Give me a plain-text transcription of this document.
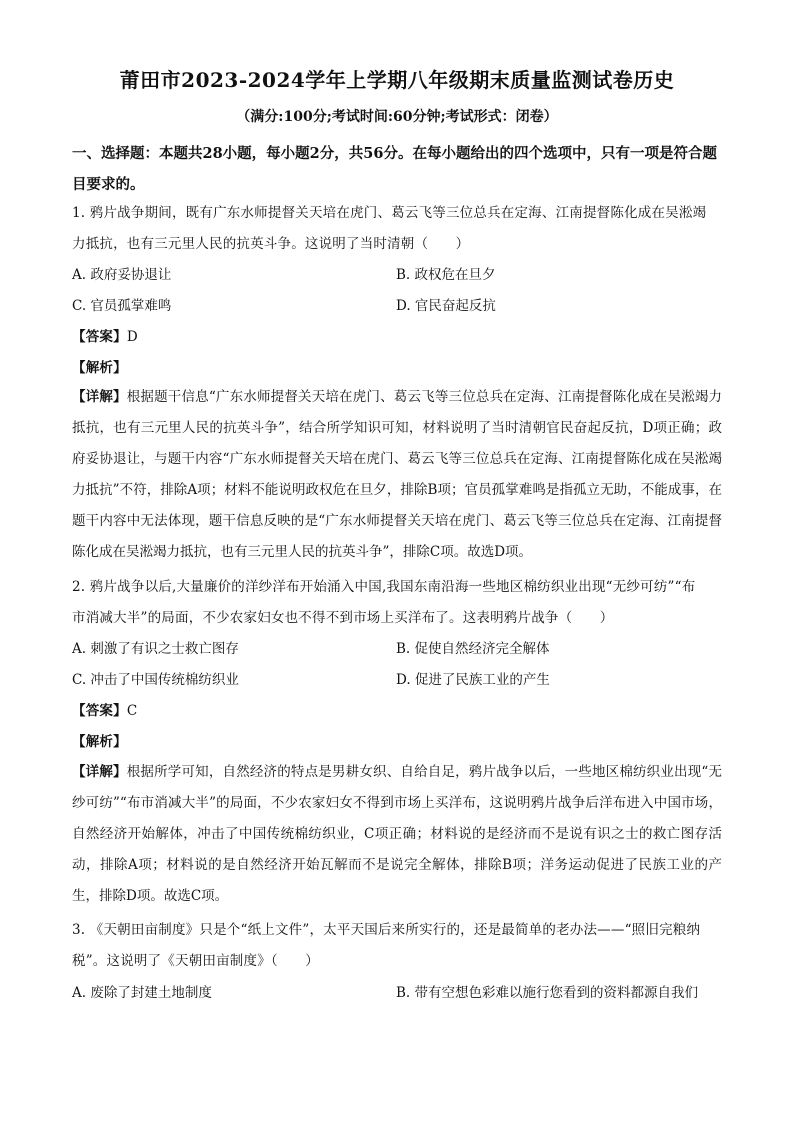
莆田市2023-2024学年上学期八年级期末质量监测试卷历史
（满分:100分;考试时间:60分钟;考试形式：闭卷）
一、选择题：本题共28小题，每小题2分，共56分。在每小题给出的四个选项中，只有一项是符合题目要求的。
1. 鸦片战争期间，既有广东水师提督关天培在虎门、葛云飞等三位总兵在定海、江南提督陈化成在吴淞竭
力抵抗，也有三元里人民的抗英斗争。这说明了当时清朝（　　）
A. 政府妥协退让	B. 政权危在旦夕
C. 官员孤掌难鸣	D. 官民奋起反抗
【答案】D
【解析】
【详解】根据题干信息“广东水师提督关天培在虎门、葛云飞等三位总兵在定海、江南提督陈化成在吴淞竭力抵抗，也有三元里人民的抗英斗争”，结合所学知识可知，材料说明了当时清朝官民奋起反抗，D项正确；政府妥协退让，与题干内容“广东水师提督关天培在虎门、葛云飞等三位总兵在定海、江南提督陈化成在吴淞竭力抵抗”不符，排除A项；材料不能说明政权危在旦夕，排除B项；官员孤掌难鸣是指孤立无助，不能成事，在题干内容中无法体现，题干信息反映的是“广东水师提督关天培在虎门、葛云飞等三位总兵在定海、江南提督陈化成在吴淞竭力抵抗，也有三元里人民的抗英斗争”，排除C项。故选D项。
2. 鸦片战争以后,大量廉价的洋纱洋布开始涌入中国,我国东南沿海一些地区棉纺织业出现“无纱可纺”“布
市消减大半”的局面，不少农家妇女也不得不到市场上买洋布了。这表明鸦片战争（　　）
A. 刺激了有识之士救亡图存	B. 促使自然经济完全解体
C. 冲击了中国传统棉纺织业	D. 促进了民族工业的产生
【答案】C
【解析】
【详解】根据所学可知，自然经济的特点是男耕女织、自给自足，鸦片战争以后，一些地区棉纺织业出现“无纱可纺”“布市消减大半”的局面，不少农家妇女不得到市场上买洋布，这说明鸦片战争后洋布进入中国市场，自然经济开始解体，冲击了中国传统棉纺织业，C项正确；材料说的是经济而不是说有识之士的救亡图存活动，排除A项；材料说的是自然经济开始瓦解而不是说完全解体，排除B项；洋务运动促进了民族工业的产生，排除D项。故选C项。
3. 《天朝田亩制度》只是个“纸上文件”，太平天国后来所实行的，还是最简单的老办法——“照旧完粮纳
税”。这说明了《天朝田亩制度》（　　）
A. 废除了封建土地制度	B. 带有空想色彩难以施行您看到的资料都源自我们
